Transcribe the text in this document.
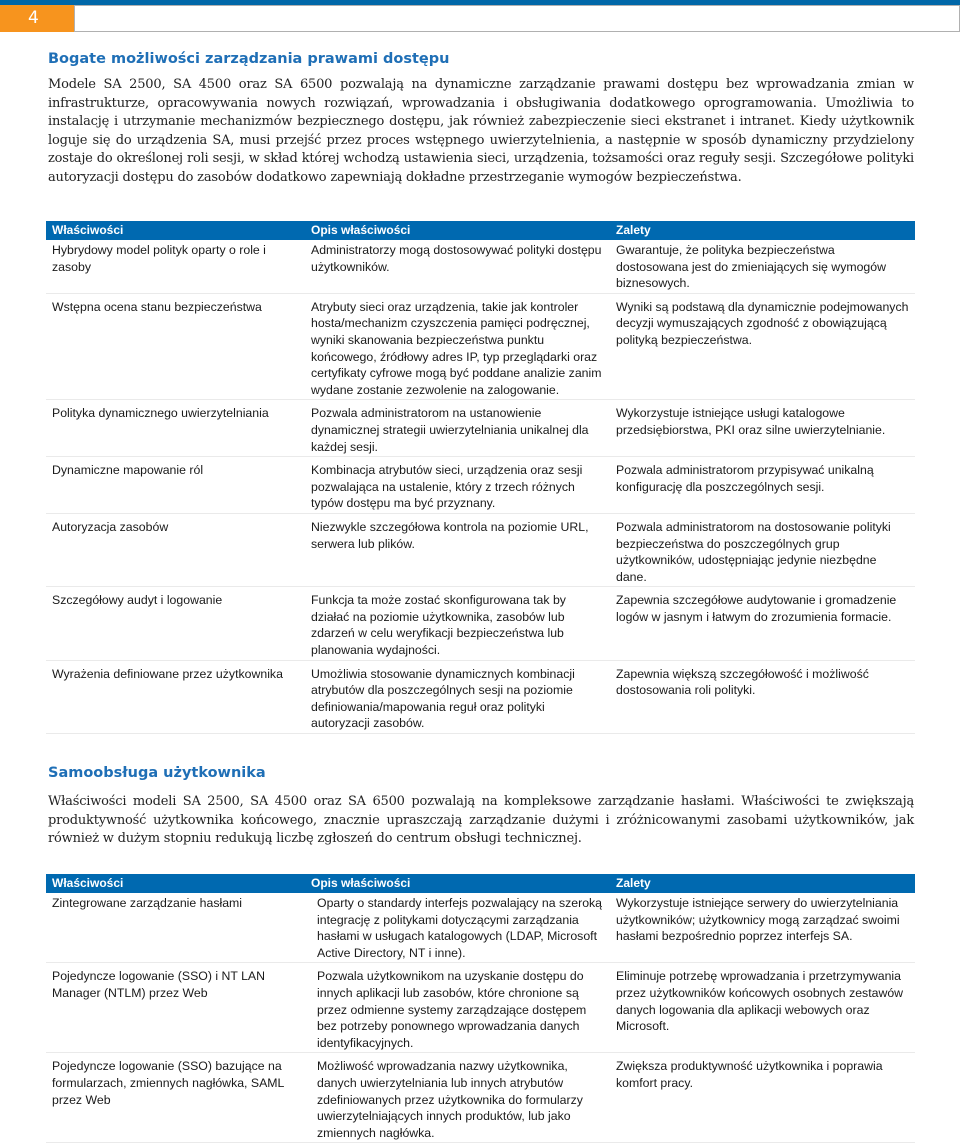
4
Bogate możliwości zarządzania prawami dostępu

Modele SA 2500, SA 4500 oraz SA 6500 pozwalają na dynamiczne zarządzanie prawami dostępu bez wprowadzania zmian w infrastrukturze, opracowywania nowych rozwiązań, wprowadzania i obsługiwania dodatkowego oprogramowania. Umożliwia to instalację i utrzymanie mechanizmów bezpiecznego dostępu, jak również zabezpieczenie sieci ekstranet i intranet. Kiedy użytkownik loguje się do urządzenia SA, musi przejść przez proces wstępnego uwierzytelnienia, a następnie w sposób dynamiczny przydzielony zostaje do określonej roli sesji, w skład której wchodzą ustawienia sieci, urządzenia, tożsamości oraz reguły sesji. Szczegółowe polityki autoryzacji dostępu do zasobów dodatkowo zapewniają dokładne przestrzeganie wymogów bezpieczeństwa.

Właściwości	Opis właściwości	Zalety
Hybrydowy model polityk oparty o role i zasoby	Administratorzy mogą dostosowywać polityki dostępu użytkowników.	Gwarantuje, że polityka bezpieczeństwa dostosowana jest do zmieniających się wymogów biznesowych.
Wstępna ocena stanu bezpieczeństwa	Atrybuty sieci oraz urządzenia, takie jak kontroler hosta/mechanizm czyszczenia pamięci podręcznej, wyniki skanowania bezpieczeństwa punktu końcowego, źródłowy adres IP, typ przeglądarki oraz certyfikaty cyfrowe mogą być poddane analizie zanim wydane zostanie zezwolenie na zalogowanie.	Wyniki są podstawą dla dynamicznie podejmowanych decyzji wymuszających zgodność z obowiązującą polityką bezpieczeństwa.
Polityka dynamicznego uwierzytelniania	Pozwala administratorom na ustanowienie dynamicznej strategii uwierzytelniania unikalnej dla każdej sesji.	Wykorzystuje istniejące usługi katalogowe przedsiębiorstwa, PKI oraz silne uwierzytelnianie.
Dynamiczne mapowanie ról	Kombinacja atrybutów sieci, urządzenia oraz sesji pozwalająca na ustalenie, który z trzech różnych typów dostępu ma być przyznany.	Pozwala administratorom przypisywać unikalną konfigurację dla poszczególnych sesji.
Autoryzacja zasobów	Niezwykle szczegółowa kontrola na poziomie URL, serwera lub plików.	Pozwala administratorom na dostosowanie polityki bezpieczeństwa do poszczególnych grup użytkowników, udostępniając jedynie niezbędne dane.
Szczegółowy audyt i logowanie	Funkcja ta może zostać skonfigurowana tak by działać na poziomie użytkownika, zasobów lub zdarzeń w celu weryfikacji bezpieczeństwa lub planowania wydajności.	Zapewnia szczegółowe audytowanie i gromadzenie logów w jasnym i łatwym do zrozumienia formacie.
Wyrażenia definiowane przez użytkownika	Umożliwia stosowanie dynamicznych kombinacji atrybutów dla poszczególnych sesji na poziomie definiowania/mapowania reguł oraz polityki autoryzacji zasobów.	Zapewnia większą szczegółowość i możliwość dostosowania roli polityki.
Samoobsługa użytkownika

Właściwości modeli SA 2500, SA 4500 oraz SA 6500 pozwalają na kompleksowe zarządzanie hasłami. Właściwości te zwiększają produktywność użytkownika końcowego, znacznie upraszczają zarządzanie dużymi i zróżnicowanymi zasobami użytkowników, jak również w dużym stopniu redukują liczbę zgłoszeń do centrum obsługi technicznej.

Właściwości	Opis właściwości	Zalety
Zintegrowane zarządzanie hasłami	Oparty o standardy interfejs pozwalający na szeroką integrację z politykami dotyczącymi zarządzania hasłami w usługach katalogowych (LDAP, Microsoft Active Directory, NT i inne).	Wykorzystuje istniejące serwery do uwierzytelniania użytkowników; użytkownicy mogą zarządzać swoimi hasłami bezpośrednio poprzez interfejs SA.
Pojedyncze logowanie (SSO) i NT LAN Manager (NTLM) przez Web	Pozwala użytkownikom na uzyskanie dostępu do innych aplikacji lub zasobów, które chronione są przez odmienne systemy zarządzające dostępem bez potrzeby ponownego wprowadzania danych identyfikacyjnych.	Eliminuje potrzebę wprowadzania i przetrzymywania przez użytkowników końcowych osobnych zestawów danych logowania dla aplikacji webowych oraz Microsoft.
Pojedyncze logowanie (SSO) bazujące na formularzach, zmiennych nagłówka, SAML przez Web	Możliwość wprowadzania nazwy użytkownika, danych uwierzytelniania lub innych atrybutów zdefiniowanych przez użytkownika do formularzy uwierzytelniających innych produktów, lub jako zmiennych nagłówka.	Zwiększa produktywność użytkownika i poprawia komfort pracy.
